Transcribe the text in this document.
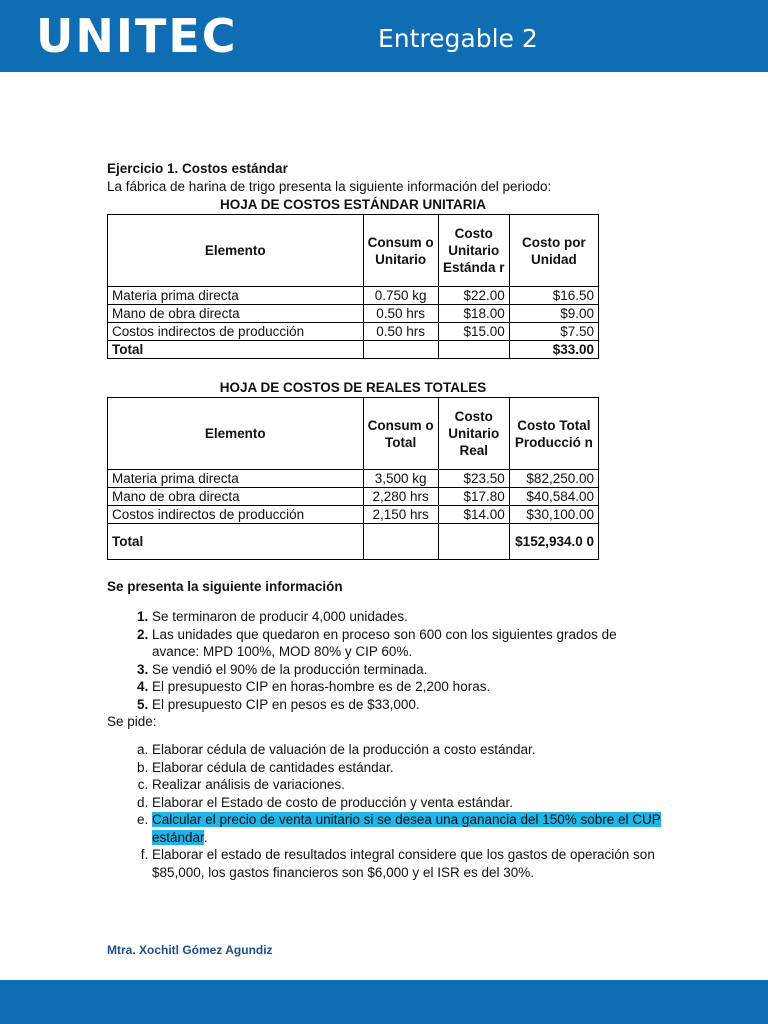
UNITEC	Entregable 2
Ejercicio 1. Costos estándar
La fábrica de harina de trigo presenta la siguiente información del periodo:
HOJA DE COSTOS ESTÁNDAR UNITARIA
Elemento	Consum o Unitario	Costo Unitario Estánda r	Costo por Unidad
Materia prima directa	0.750 kg	$22.00	$16.50
Mano de obra directa	0.50 hrs	$18.00	$9.00
Costos indirectos de producción	0.50 hrs	$15.00	$7.50
Total			$33.00
HOJA DE COSTOS DE REALES TOTALES
Elemento	Consum o Total	Costo Unitario Real	Costo Total Producció n
Materia prima directa	3,500 kg	$23.50	$82,250.00
Mano de obra directa	2,280 hrs	$17.80	$40,584.00
Costos indirectos de producción	2,150 hrs	$14.00	$30,100.00
Total			$152,934.0 0
Se presenta la siguiente información
1. Se terminaron de producir 4,000 unidades.
2. Las unidades que quedaron en proceso son 600 con los siguientes grados de avance: MPD 100%, MOD 80% y CIP 60%.
3. Se vendió el 90% de la producción terminada.
4. El presupuesto CIP en horas-hombre es de 2,200 horas.
5. El presupuesto CIP en pesos es de $33,000.
Se pide:
a. Elaborar cédula de valuación de la producción a costo estándar.
b. Elaborar cédula de cantidades estándar.
c. Realizar análisis de variaciones.
d. Elaborar el Estado de costo de producción y venta estándar.
e. Calcular el precio de venta unitario si se desea una ganancia del 150% sobre el CUP estándar.
f. Elaborar el estado de resultados integral considere que los gastos de operación son $85,000, los gastos financieros son $6,000 y el ISR es del 30%.
Mtra. Xochitl Gómez Agundiz
